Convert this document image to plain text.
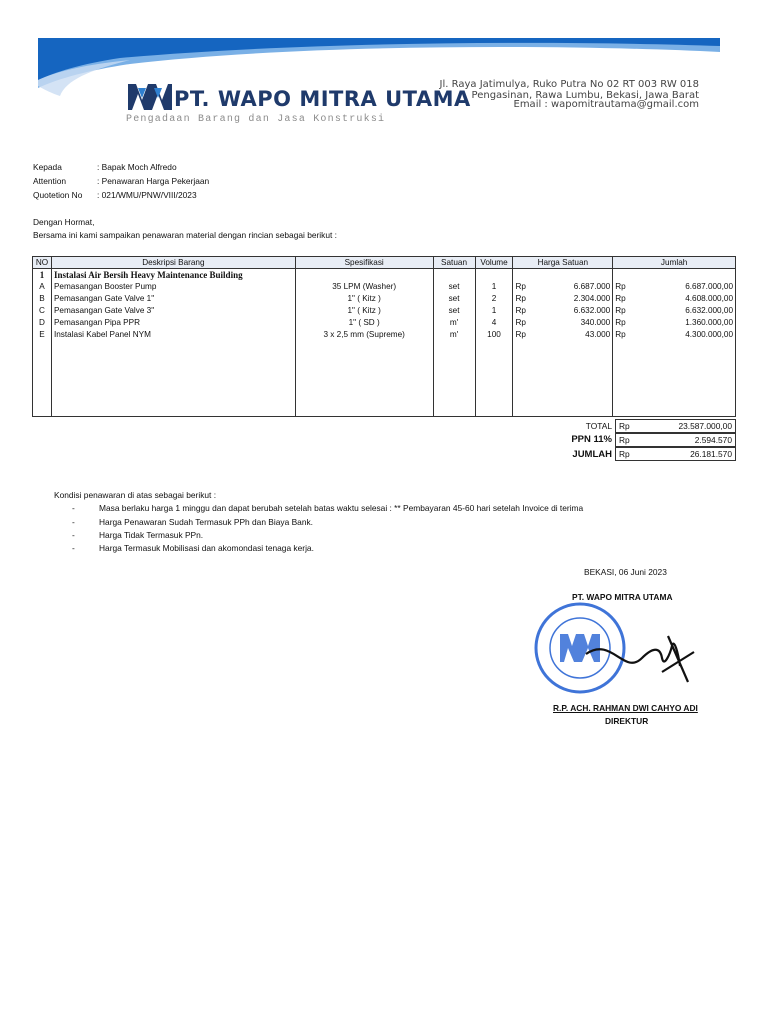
PT. WAPO MITRA UTAMA
Pengadaan Barang dan Jasa Konstruksi
Jl. Raya Jatimulya, Ruko Putra No 02 RT 003 RW 018
Pengasinan, Rawa Lumbu, Bekasi, Jawa Barat
Email : wapomitrautama@gmail.com
Kepada	: Bapak Moch Alfredo
Attention	: Penawaran Harga Pekerjaan
Quotetion No : 021/WMU/PNW/VIII/2023
Dengan Hormat,
Bersama ini kami sampaikan penawaran material dengan rincian sebagai berikut :
NO	Deskripsi Barang	Spesifikasi	Satuan	Volume	Harga Satuan	Jumlah
1	Instalasi Air Bersih Heavy Maintenance Building					
A	Pemasangan Booster Pump	35 LPM (Washer)	set	1	Rp 6.687.000	Rp 6.687.000,00

B	Pemasangan Gate Valve 1"	1" ( Kitz )	set	2	Rp 2.304.000	Rp 4.608.000,00

C	Pemasangan Gate Valve 3"	1" ( Kitz )	set	1	Rp 6.632.000	Rp 6.632.000,00

D	Pemasangan Pipa PPR	1" ( SD )	m'	4	Rp 340.000	Rp 1.360.000,00

E	Instalasi Kabel Panel NYM	3 x 2,5 mm (Supreme)	m'	100	Rp 43.000	Rp 4.300.000,00

TOTAL Rp	23.587.000,00
PPN 11% Rp	2.594.570
JUMLAH Rp	26.181.570
Kondisi penawaran di atas sebagai berikut :
-	Masa berlaku harga 1 minggu dan dapat berubah setelah batas waktu selesai : ** Pembayaran 45-60 hari setelah Invoice di terima
-	Harga Penawaran Sudah Termasuk PPh dan Biaya Bank.
-	Harga Tidak Termasuk PPn.
-	Harga Termasuk Mobilisasi dan akomondasi tenaga kerja.
BEKASI, 06 Juni 2023
PT. WAPO MITRA UTAMA
R.P. ACH. RAHMAN DWI CAHYO ADI
DIREKTUR
